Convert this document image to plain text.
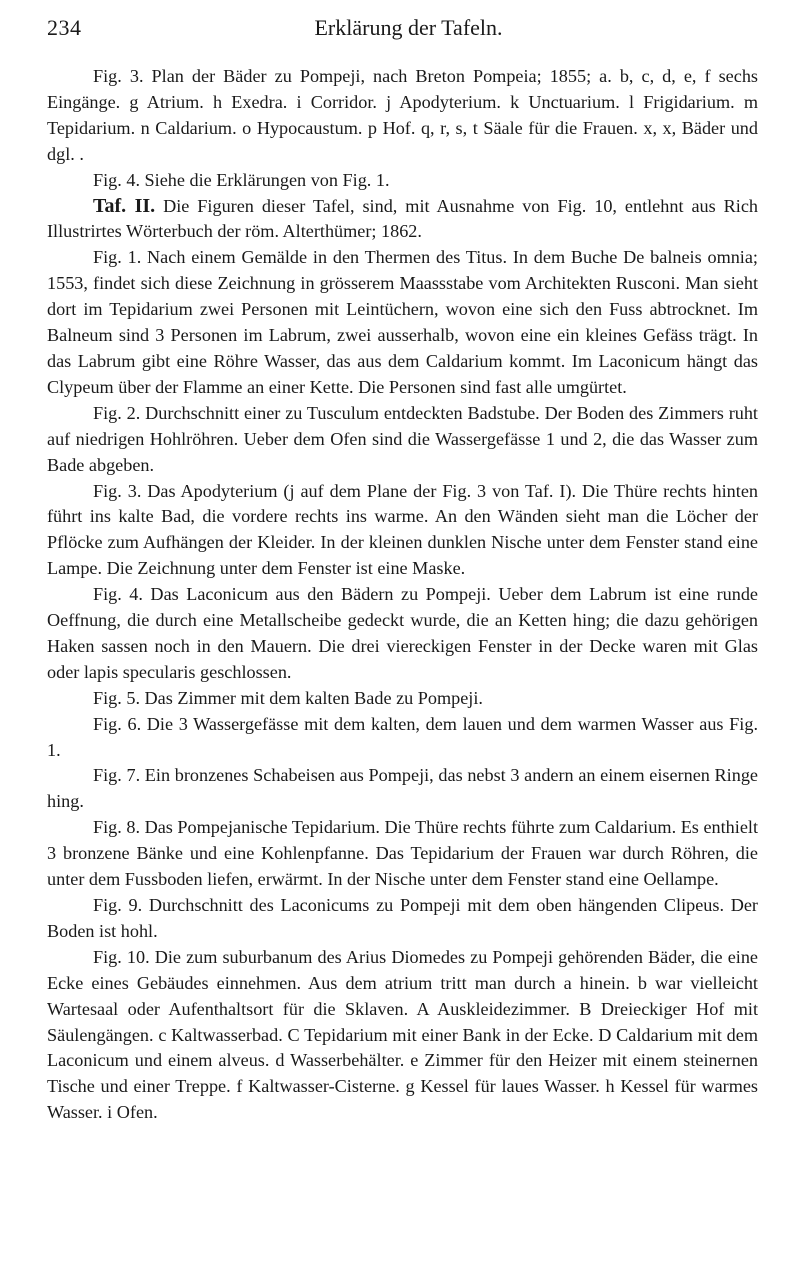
234	Erklärung der Tafeln.

Fig. 3. Plan der Bäder zu Pompeji, nach Breton Pompeia; 1855; a. b, c, d, e, f sechs Eingänge. g Atrium. h Exedra. i Corridor. j Apodyterium. k Unctuarium. l Frigidarium. m Tepidarium. n Caldarium. o Hypocaustum. p Hof. q, r, s, t Säale für die Frauen. x, x, Bäder und dgl. .

Fig. 4. Siehe die Erklärungen von Fig. 1.

Taf. II. Die Figuren dieser Tafel, sind, mit Ausnahme von Fig. 10, entlehnt aus Rich Illustrirtes Wörterbuch der röm. Alterthümer; 1862.

Fig. 1. Nach einem Gemälde in den Thermen des Titus. In dem Buche De balneis omnia; 1553, findet sich diese Zeichnung in grösserem Maassstabe vom Architekten Rusconi. Man sieht dort im Tepidarium zwei Personen mit Leintüchern, wovon eine sich den Fuss abtrocknet. Im Balneum sind 3 Personen im Labrum, zwei ausserhalb, wovon eine ein kleines Gefäss trägt. In das Labrum gibt eine Röhre Wasser, das aus dem Caldarium kommt. Im Laconicum hängt das Clypeum über der Flamme an einer Kette. Die Personen sind fast alle umgürtet.

Fig. 2. Durchschnitt einer zu Tusculum entdeckten Badstube. Der Boden des Zimmers ruht auf niedrigen Hohlröhren. Ueber dem Ofen sind die Wassergefässe 1 und 2, die das Wasser zum Bade abgeben.

Fig. 3. Das Apodyterium (j auf dem Plane der Fig. 3 von Taf. I). Die Thüre rechts hinten führt ins kalte Bad, die vordere rechts ins warme. An den Wänden sieht man die Löcher der Pflöcke zum Aufhängen der Kleider. In der kleinen dunklen Nische unter dem Fenster stand eine Lampe. Die Zeichnung unter dem Fenster ist eine Maske.

Fig. 4. Das Laconicum aus den Bädern zu Pompeji. Ueber dem Labrum ist eine runde Oeffnung, die durch eine Metallscheibe gedeckt wurde, die an Ketten hing; die dazu gehörigen Haken sassen noch in den Mauern. Die drei viereckigen Fenster in der Decke waren mit Glas oder lapis specularis geschlossen.

Fig. 5. Das Zimmer mit dem kalten Bade zu Pompeji.

Fig. 6. Die 3 Wassergefässe mit dem kalten, dem lauen und dem warmen Wasser aus Fig. 1.

Fig. 7. Ein bronzenes Schabeisen aus Pompeji, das nebst 3 andern an einem eisernen Ringe hing.

Fig. 8. Das Pompejanische Tepidarium. Die Thüre rechts führte zum Caldarium. Es enthielt 3 bronzene Bänke und eine Kohlenpfanne. Das Tepidarium der Frauen war durch Röhren, die unter dem Fussboden liefen, erwärmt. In der Nische unter dem Fenster stand eine Oellampe.

Fig. 9. Durchschnitt des Laconicums zu Pompeji mit dem oben hängenden Clipeus. Der Boden ist hohl.

Fig. 10. Die zum suburbanum des Arius Diomedes zu Pompeji gehörenden Bäder, die eine Ecke eines Gebäudes einnehmen. Aus dem atrium tritt man durch a hinein. b war vielleicht Wartesaal oder Aufenthaltsort für die Sklaven. A Auskleidezimmer. B Dreieckiger Hof mit Säulengängen. c Kaltwasserbad. C Tepidarium mit einer Bank in der Ecke. D Caldarium mit dem Laconicum und einem alveus. d Wasserbehälter. e Zimmer für den Heizer mit einem steinernen Tische und einer Treppe. f Kaltwasser-Cisterne. g Kessel für laues Wasser. h Kessel für warmes Wasser. i Ofen.
